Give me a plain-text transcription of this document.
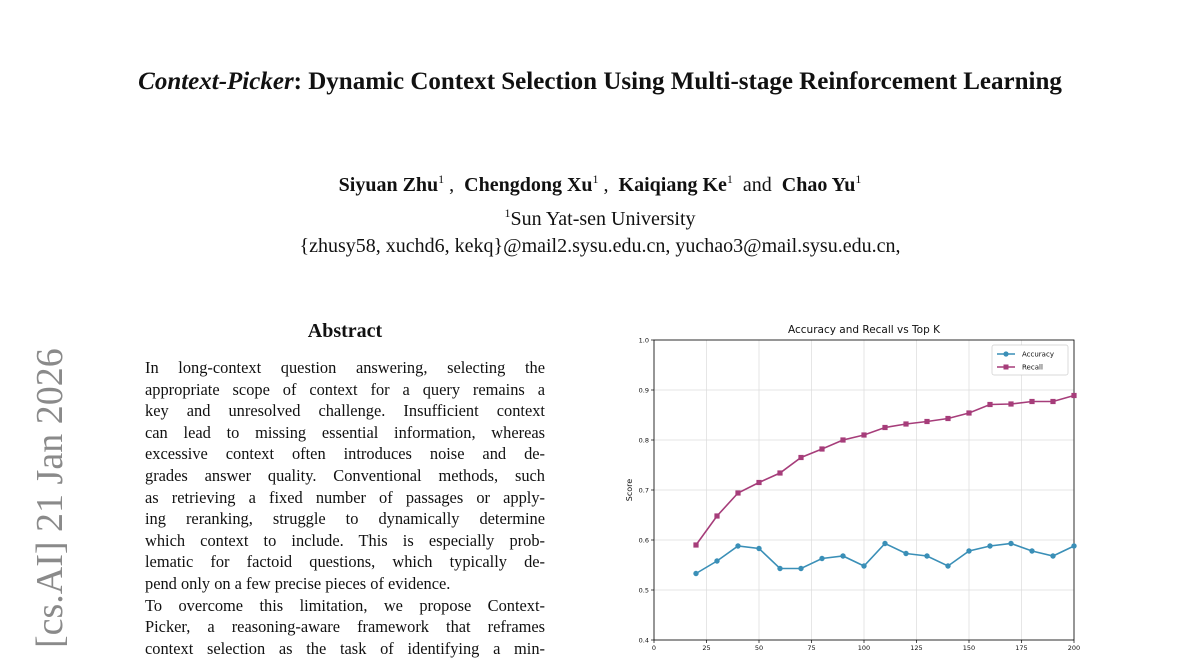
Context-Picker: Dynamic Context Selection Using Multi-stage Reinforcement Learning
Siyuan Zhu$^1$ ,  Chengdong Xu$^1$ ,  Kaiqiang Ke$^1$ and Chao Yu$^1$
$^1$Sun Yat-sen University
{zhusy58, xuchd6, kekq}@mail2.sysu.edu.cn, yuchao3@mail.sysu.edu.cn,
[cs.AI] 21 Jan 2026
Abstract
In long-context question answering, selecting the
appropriate scope of context for a query remains a
key and unresolved challenge. Insufficient context
can lead to missing essential information, whereas
excessive context often introduces noise and de-
grades answer quality. Conventional methods, such
as retrieving a fixed number of passages or apply-
ing reranking, struggle to dynamically determine
which context to include. This is especially prob-
lematic for factoid questions, which typically de-
pend only on a few precise pieces of evidence.
To overcome this limitation, we propose Context-
Picker, a reasoning-aware framework that reframes
context selection as the task of identifying a min-	0.4
0.5
0.6
0.7
0.8
0.9
1.0
0	25	50	75	100	125	150	175	200
Accuracy and Recall vs Top K
Score
Accuracy
Recall
